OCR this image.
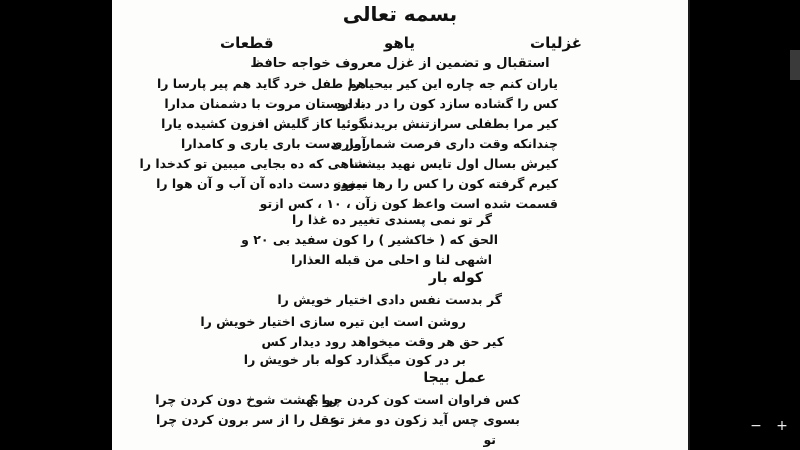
بسمه تعالی
غزلیات
یاهو
قطعات
استقبال و تضمین از غزل معروف خواجه حافظ
یاران کنم جه چاره این کیر بیحیا را
هم طفل خرد گاید هم پیر پارسا را
کس را گشاده سازد کون را در دندارد
با دوستان مروت با دشمنان مدارا
کیر مرا بطفلی سرازتنش بریدند
گوئیا کاز گلیش افزون کشیده یارا
چندانکه وقت داری فرصت شمار یاری
آور بدست باری یاری و کامدارا
کیرش بسال اول تایس نهید بیشت
شاهی که ده بجایی میبین تو کدخدا را
کیرم گرفته کون را کس را رها نموده
بیغوز دست داده آن آب و آن هوا را
قسمت شده است واعظ کون زآن ، ۱۰ ، کس ازتو
گر تو نمی پسندی تغییر ده غذا را
الحق که ( خاکشیر ) را کون سفید بی ۲۰ و
اشهی لنا و احلی من قبله العذارا
کوله بار
گر بدست نفس دادی اختیار خویش را
روشن است این تیره سازی اختیار خویش را
کیر حق هر وقت میخواهد رود دیدار کس
بر در کون میگذارد کوله بار خویش را
عمل بیجا
کس فراوان است کون کردن چرا ؟
رو بهشت شوخ دون کردن چرا
بسوی چس آید زکون دو مغز تو
عقل را از سر برون کردن چرا
تو
− +
